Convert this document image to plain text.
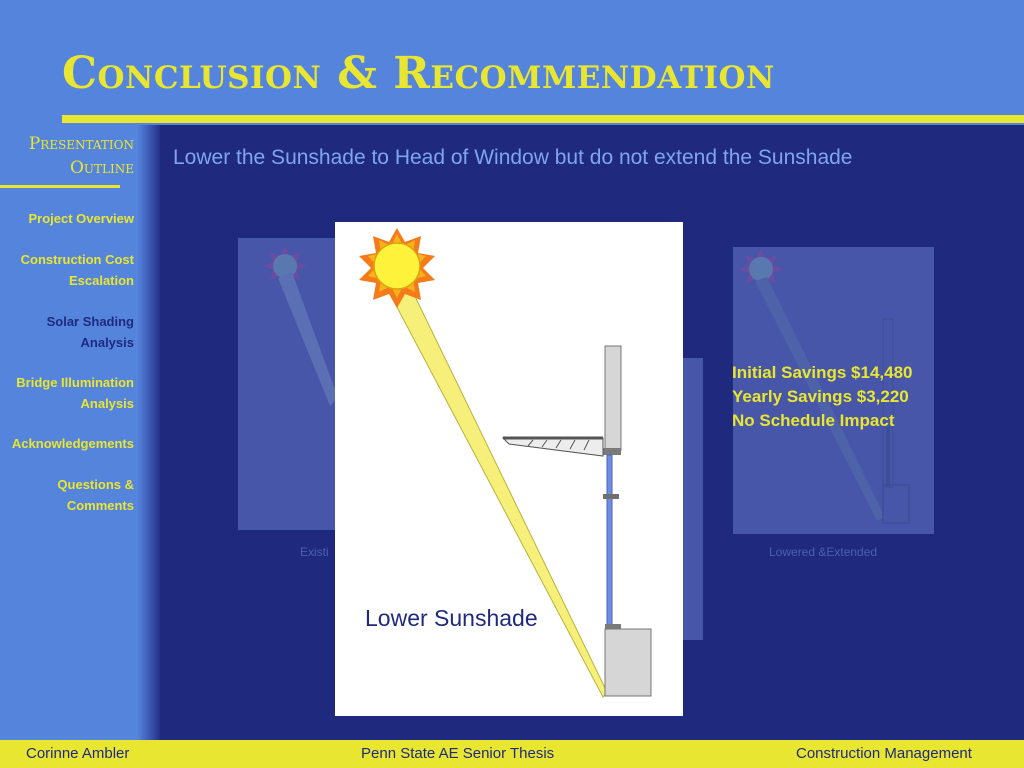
Conclusion & Recommendation
Presentation
Outline
Project Overview
Construction Cost
Escalation
Solar Shading
Analysis
Bridge Illumination
Analysis
Acknowledgements
Questions &
Comments
Lower the Sunshade to Head of Window but do not extend the Sunshade
Existi	Lowered &Extended
Lower Sunshade
Initial Savings $14,480
Yearly Savings $3,220
No Schedule Impact
Corinne Ambler	Penn State AE Senior Thesis	Construction Management
